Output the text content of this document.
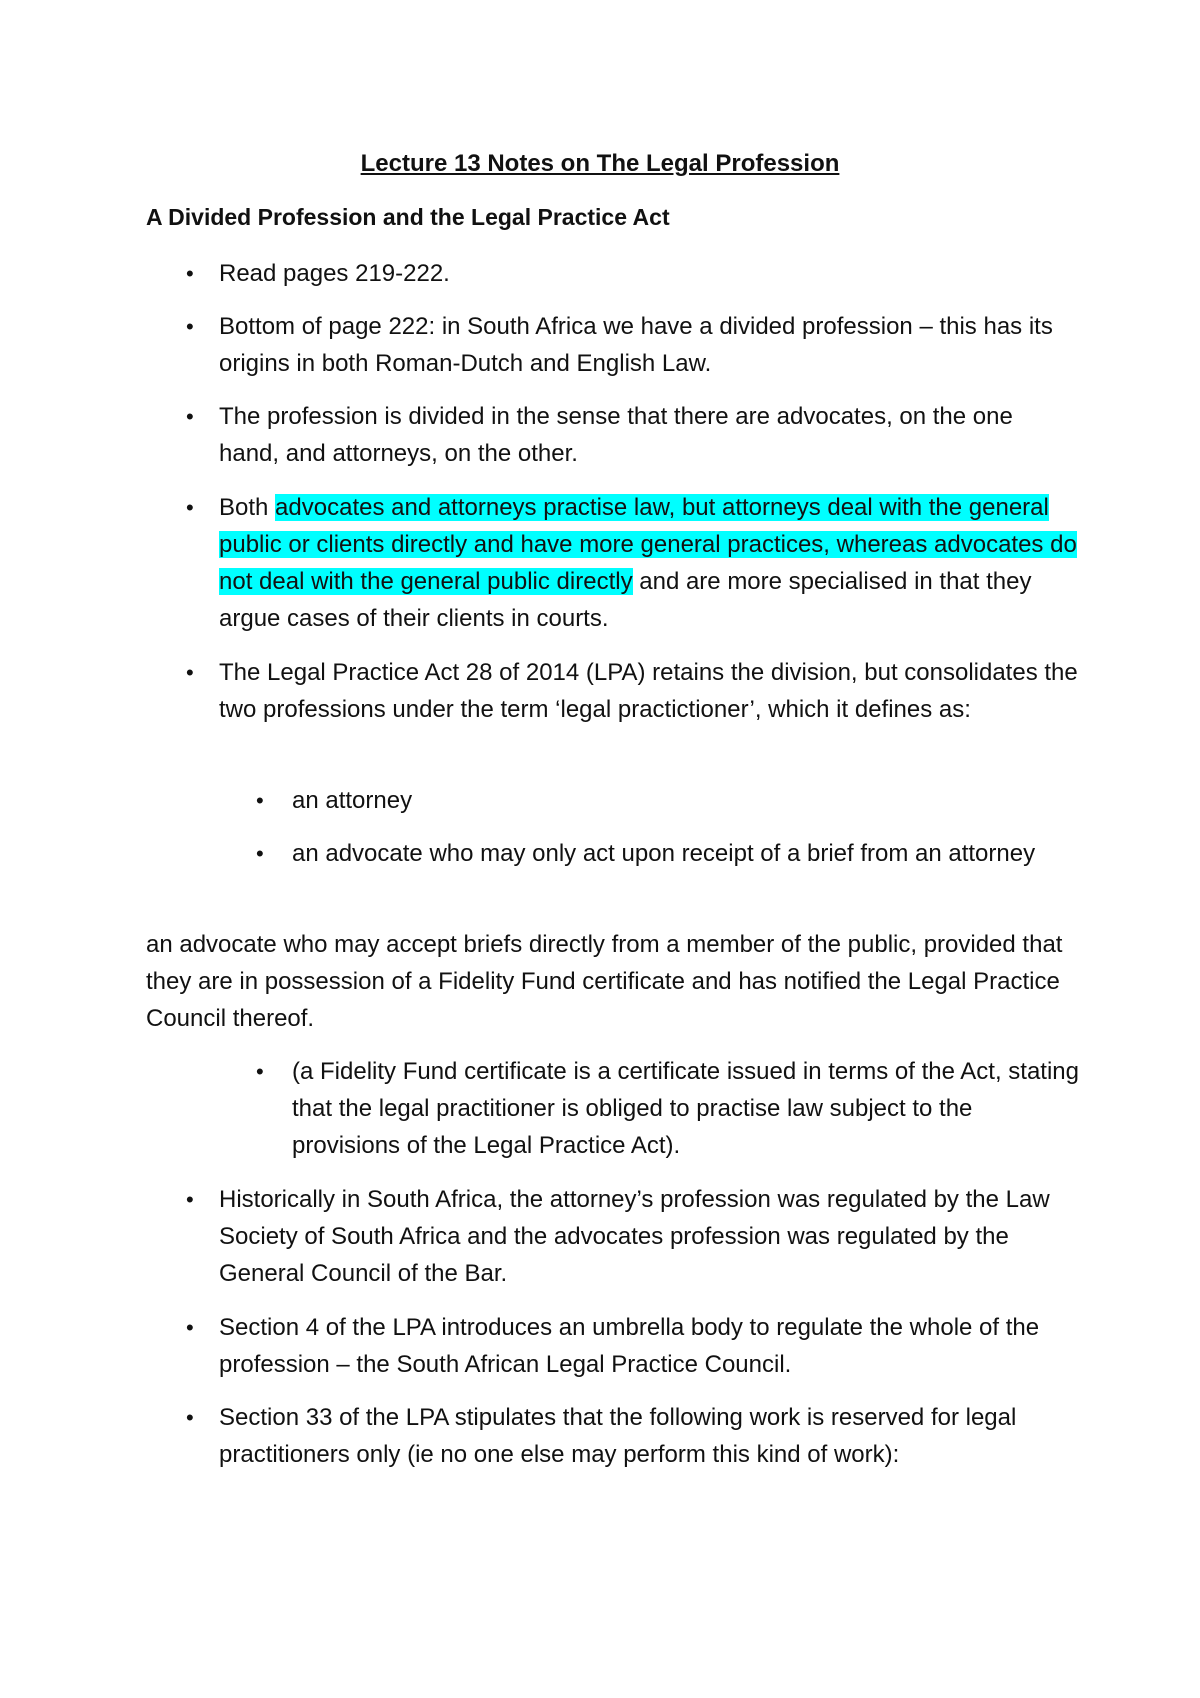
Lecture 13 Notes on The Legal Profession
A Divided Profession and the Legal Practice Act
• Read pages 219-222.

• Bottom of page 222: in South Africa we have a divided profession – this has its origins in both Roman-Dutch and English Law.

• The profession is divided in the sense that there are advocates, on the one hand, and attorneys, on the other.

• Both advocates and attorneys practise law, but attorneys deal with the general public or clients directly and have more general practices, whereas advocates do not deal with the general public directly and are more specialised in that they argue cases of their clients in courts.

• The Legal Practice Act 28 of 2014 (LPA) retains the division, but consolidates the two professions under the term ‘legal practictioner’, which it defines as:

• an attorney

• an advocate who may only act upon receipt of a brief from an attorney

an advocate who may accept briefs directly from a member of the public, provided that they are in possession of a Fidelity Fund certificate and has notified the Legal Practice Council thereof.

• (a Fidelity Fund certificate is a certificate issued in terms of the Act, stating that the legal practitioner is obliged to practise law subject to the provisions of the Legal Practice Act).

• Historically in South Africa, the attorney’s profession was regulated by the Law Society of South Africa and the advocates profession was regulated by the General Council of the Bar.

• Section 4 of the LPA introduces an umbrella body to regulate the whole of the profession – the South African Legal Practice Council.

• Section 33 of the LPA stipulates that the following work is reserved for legal practitioners only (ie no one else may perform this kind of work):
